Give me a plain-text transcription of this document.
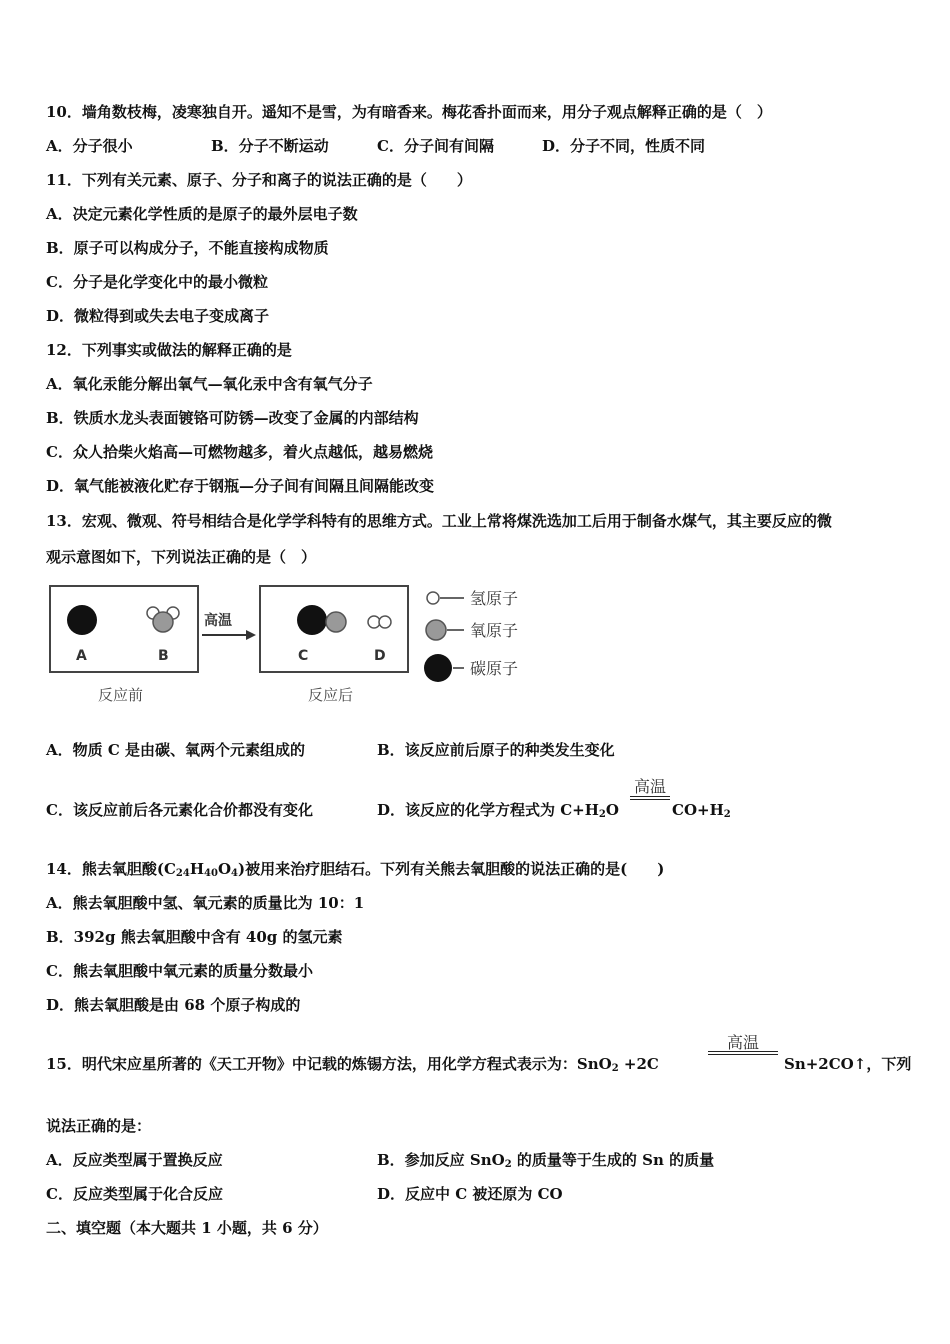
10．墙角数枝梅，凌寒独自开。遥知不是雪，为有暗香来。梅花香扑面而来，用分子观点解释正确的是（　）
A．分子很小	B．分子不断运动	C．分子间有间隔	D．分子不同，性质不同
11．下列有关元素、原子、分子和离子的说法正确的是（　　）
A．决定元素化学性质的是原子的最外层电子数
B．原子可以构成分子，不能直接构成物质
C．分子是化学变化中的最小微粒
D．微粒得到或失去电子变成离子
12．下列事实或做法的解释正确的是
A．氧化汞能分解出氧气—氧化汞中含有氧气分子
B．铁质水龙头表面镀铬可防锈—改变了金属的内部结构
C．众人拾柴火焰高—可燃物越多，着火点越低，越易燃烧
D．氧气能被液化贮存于钢瓶—分子间有间隔且间隔能改变
13．宏观、微观、符号相结合是化学学科特有的思维方式。工业上常将煤洗选加工后用于制备水煤气，其主要反应的微
观示意图如下，下列说法正确的是（　）
A	B
反应前
高温
C	D
反应后
氢原子
氧原子
碳原子
A．物质 C 是由碳、氧两个元素组成的	B．该反应前后原子的种类发生变化
C．该反应前后各元素化合价都没有变化	D．该反应的化学方程式为 $C+H_2O$
高温
$CO+H_2$
14．熊去氧胆酸$(C_{24}H_{40}O_4)$被用来治疗胆结石。下列有关熊去氧胆酸的说法正确的是(　　)
A．熊去氧胆酸中氢、氧元素的质量比为 10：1
B．392g 熊去氧胆酸中含有 40g 的氢元素
C．熊去氧胆酸中氧元素的质量分数最小
D．熊去氧胆酸是由 68 个原子构成的
15．明代宋应星所著的《天工开物》中记载的炼锡方法，用化学方程式表示为：SnO$_2$ +2C
高温
Sn+2CO↑，下列
说法正确的是：
A．反应类型属于置换反应	B．参加反应 SnO$_2$ 的质量等于生成的 Sn 的质量
C．反应类型属于化合反应	D．反应中 C 被还原为 CO
二、填空题（本大题共 1 小题，共 6 分）
